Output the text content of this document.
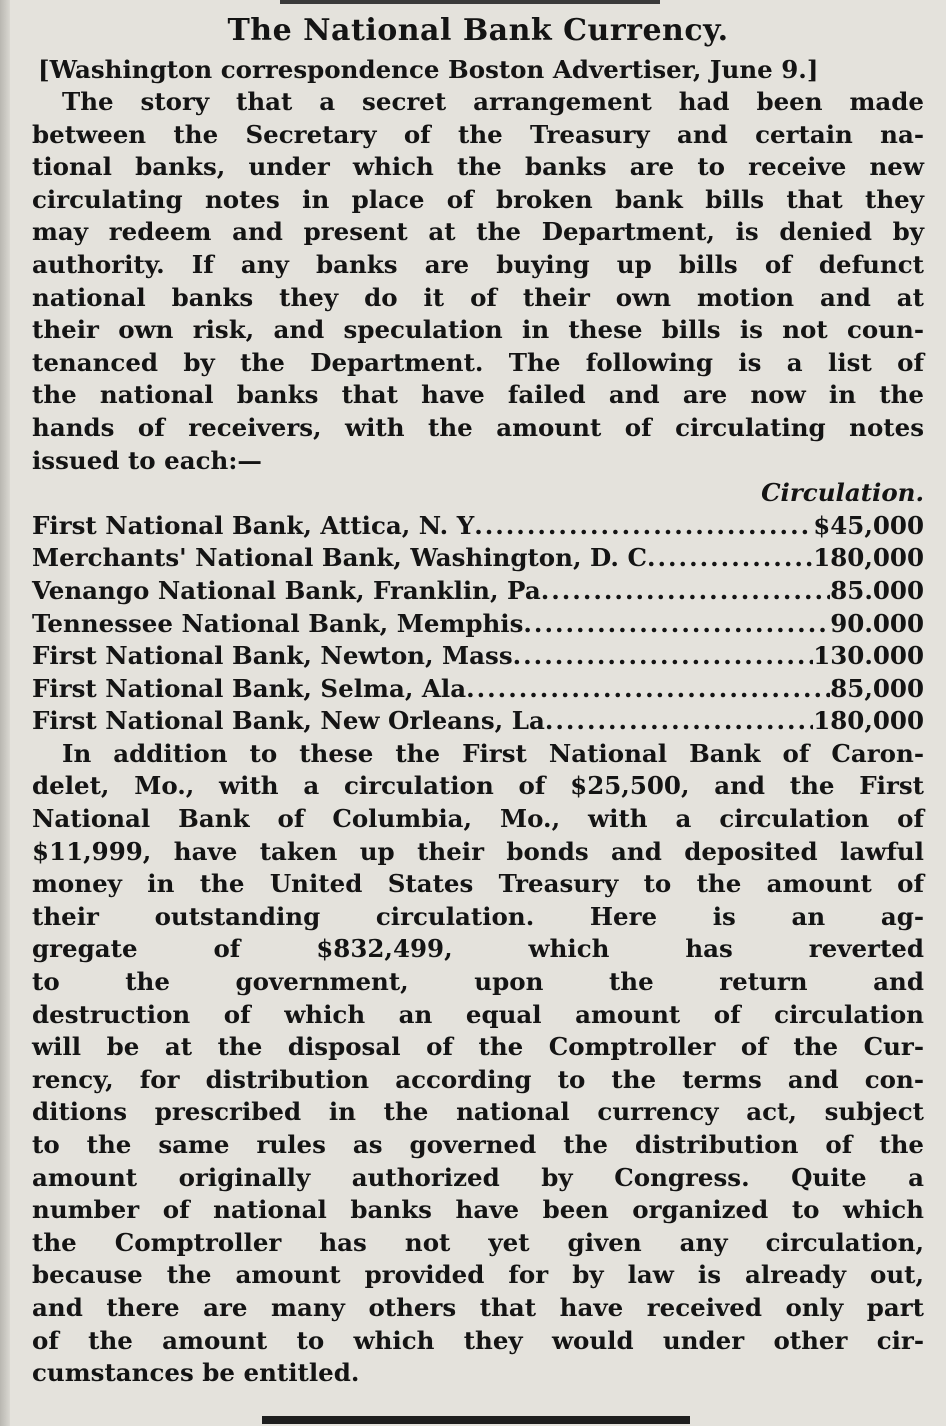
The National Bank Currency.
[Washington correspondence Boston Advertiser, June 9.]
The story that a secret arrangement had been made
between the Secretary of the Treasury and certain na-
tional banks, under which the banks are to receive new
circulating notes in place of broken bank bills that they
may redeem and present at the Department, is denied by
authority. If any banks are buying up bills of defunct
national banks they do it of their own motion and at
their own risk, and speculation in these bills is not coun-
tenanced by the Department. The following is a list of
the national banks that have failed and are now in the
hands of receivers, with the amount of circulating notes
issued to each:—
Circulation.
First National Bank, Attica, N. Y .....	$45,000
Merchants' National Bank, Washington, D. C .....	180,000
Venango National Bank, Franklin, Pa .....	85.000
Tennessee National Bank, Memphis .....	90.000
First National Bank, Newton, Mass .....	130.000
First National Bank, Selma, Ala .....	85,000
First National Bank, New Orleans, La .....	180,000
In addition to these the First National Bank of Caron-
delet, Mo., with a circulation of $25,500, and the First
National Bank of Columbia, Mo., with a circulation of
$11,999, have taken up their bonds and deposited lawful
money in the United States Treasury to the amount of
their outstanding circulation. Here is an ag-
gregate of $832,499, which has reverted
to the government, upon the return and
destruction of which an equal amount of circulation
will be at the disposal of the Comptroller of the Cur-
rency, for distribution according to the terms and con-
ditions prescribed in the national currency act, subject
to the same rules as governed the distribution of the
amount originally authorized by Congress. Quite a
number of national banks have been organized to which
the Comptroller has not yet given any circulation,
because the amount provided for by law is already out,
and there are many others that have received only part
of the amount to which they would under other cir-
cumstances be entitled.
